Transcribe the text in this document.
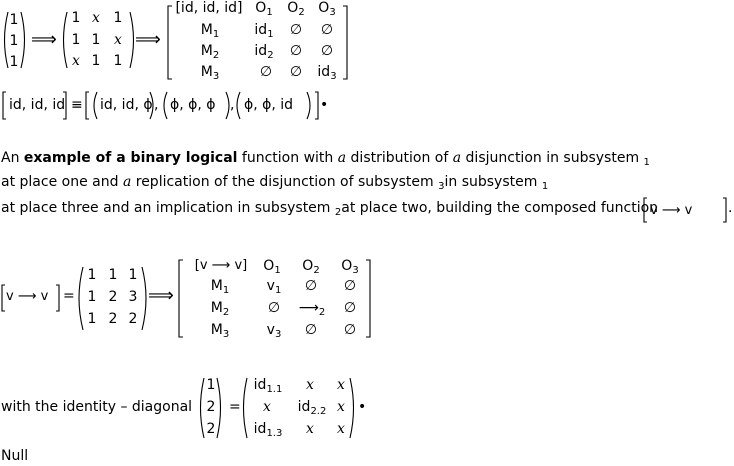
1
1
1
⟹
1 x 1
1 1 x
x 1 1
⟹
[id, id, id] $O_1$	$O_2$ $O_3$
$M_1$	$id_1$	∅	∅
$M_2$	$id_2$	∅	∅
$M_3$	∅	∅	$id_3$
id, id, id ≡ id, id, ϕ , ϕ, ϕ, ϕ , ϕ, ϕ, id •
An example of a binary logical function with a distribution of a disjunction in subsystem $_1$
at place one and a replication of the disjunction of subsystem $_3$in subsystem $_1$
at place three and an implication in subsystem $_2$at place two, building the composed function
v ⟶ v	.
v ⟶ v =
1 1 1
1 2 3
1 2 2
⟹
[v ⟶ v]	$O_1$	$O_2$	$O_3$
$M_1$	$v_1$	∅	∅
$M_2$	∅	$⟶_2$	∅
$M_3$	$v_3$	∅	∅
with the identity – diagonal
1
2
2
=
$id_{1.1}$	x	x
x	$id_{2.2}$ x
$id_{1.3}$	x	x
•
Null
